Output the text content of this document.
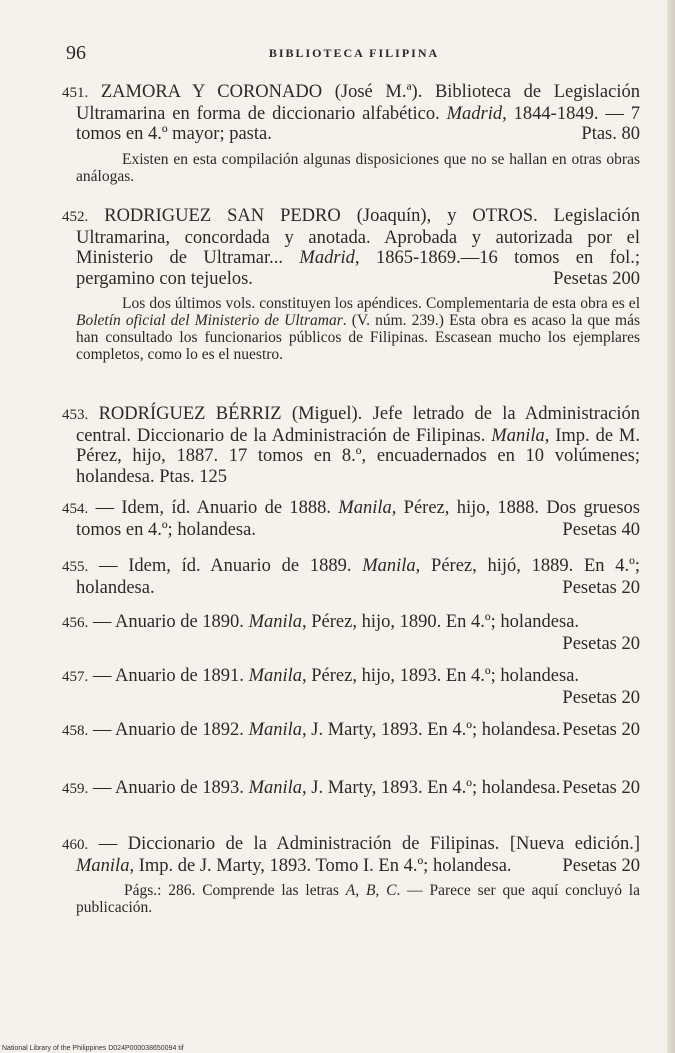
96	BIBLIOTECA FILIPINA

451. ZAMORA Y CORONADO (José M.ª). Biblioteca de Legislación Ultramarina en forma de diccionario alfabético. Madrid, 1844-1849. — 7 tomos en 4.º mayor; pasta.	Ptas. 80

Existen en esta compilación algunas disposiciones que no se hallan en otras obras análogas.

452. RODRIGUEZ SAN PEDRO (Joaquín), y OTROS. Legislación Ultramarina, concordada y anotada. Aprobada y autorizada por el Ministerio de Ultramar... Madrid, 1865-1869.—16 tomos en fol.; pergamino con tejuelos.	Pesetas 200

Los dos últimos vols. constituyen los apéndices. Complementaria de esta obra es el Boletín oficial del Ministerio de Ultramar. (V. núm. 239.) Esta obra es acaso la que más han consultado los funcionarios públicos de Filipinas. Escasean mucho los ejemplares completos, como lo es el nuestro.

453. RODRÍGUEZ BÉRRIZ (Miguel). Jefe letrado de la Administración central. Diccionario de la Administración de Filipinas. Manila, Imp. de M. Pérez, hijo, 1887. 17 tomos en 8.º, encuadernados en 10 volúmenes; holandesa. Ptas. 125

454. — Idem, íd. Anuario de 1888. Manila, Pérez, hijo, 1888. Dos gruesos tomos en 4.º; holandesa.	Pesetas 40

455. — Idem, íd. Anuario de 1889. Manila, Pérez, hijó, 1889. En 4.º; holandesa.	Pesetas 20

456. — Anuario de 1890. Manila, Pérez, hijo, 1890. En 4.º; holandesa.
Pesetas 20

457. — Anuario de 1891. Manila, Pérez, hijo, 1893. En 4.º; holandesa.
Pesetas 20

458. — Anuario de 1892. Manila, J. Marty, 1893. En 4.º; holandesa. Pesetas 20

459. — Anuario de 1893. Manila, J. Marty, 1893. En 4.º; holandesa. Pesetas 20

460. — Diccionario de la Administración de Filipinas. [Nueva edición.] Manila, Imp. de J. Marty, 1893. Tomo I. En 4.º; holandesa.	Pesetas 20

Págs.: 286. Comprende las letras A, B, C. — Parece ser que aquí concluyó la publicación.

National Library of the Philippines D024P000038650094 tif
